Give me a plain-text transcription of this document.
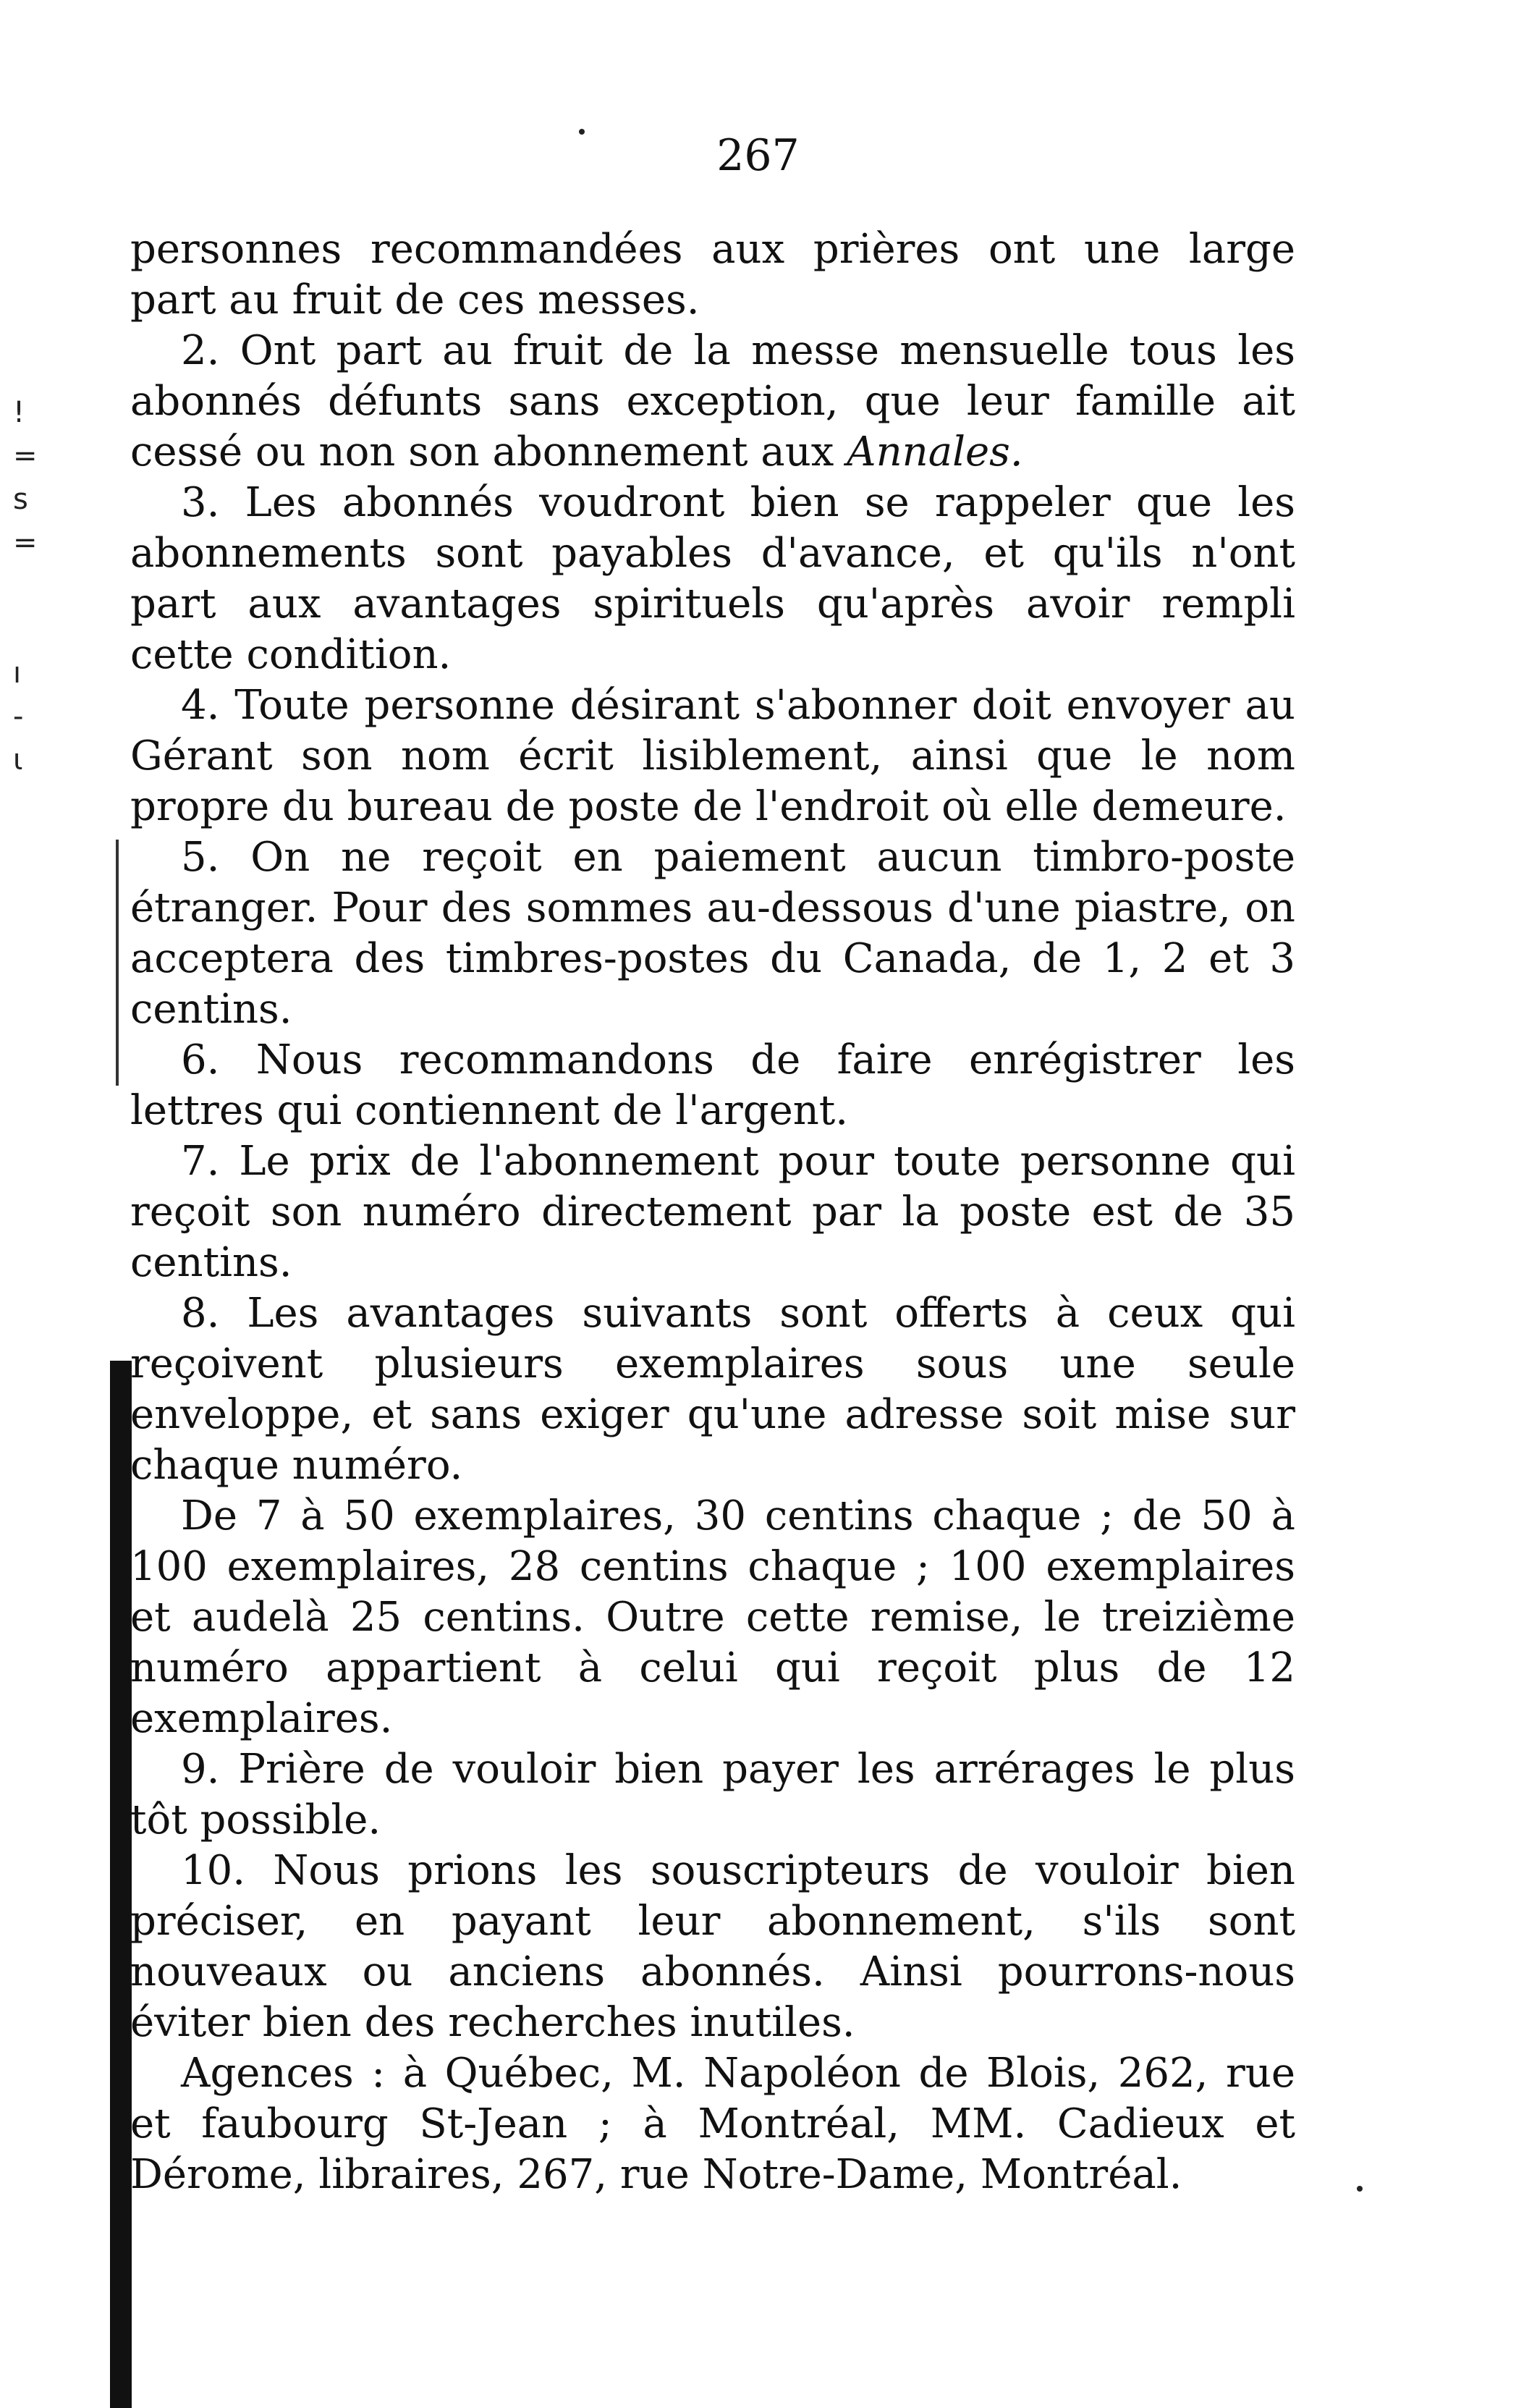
267
!
=
s
=

ı
-
ι

personnes recommandées aux prières ont une large part au fruit de ces messes.

2. Ont part au fruit de la messe mensuelle tous les abonnés défunts sans exception, que leur famille ait cessé ou non son abonnement aux Annales.

3. Les abonnés voudront bien se rappeler que les abonnements sont payables d'avance, et qu'ils n'ont part aux avantages spirituels qu'après avoir rempli cette condition.

4. Toute personne désirant s'abonner doit envoyer au Gérant son nom écrit lisiblement, ainsi que le nom propre du bureau de poste de l'endroit où elle demeure.

5. On ne reçoit en paiement aucun timbro-poste étranger. Pour des sommes au-dessous d'une piastre, on acceptera des timbres-postes du Canada, de 1, 2 et 3 centins.

6. Nous recommandons de faire enrégistrer les lettres qui contiennent de l'argent.

7. Le prix de l'abonnement pour toute personne qui reçoit son numéro directement par la poste est de 35 centins.

8. Les avantages suivants sont offerts à ceux qui reçoivent plusieurs exemplaires sous une seule enveloppe, et sans exiger qu'une adresse soit mise sur chaque numéro.

De 7 à 50 exemplaires, 30 centins chaque ; de 50 à 100 exemplaires, 28 centins chaque ; 100 exemplaires et audelà 25 centins. Outre cette remise, le treizième numéro appartient à celui qui reçoit plus de 12 exemplaires.

9. Prière de vouloir bien payer les arrérages le plus tôt possible.

10. Nous prions les souscripteurs de vouloir bien préciser, en payant leur abonnement, s'ils sont nouveaux ou anciens abonnés. Ainsi pourrons-nous éviter bien des recherches inutiles.

Agences : à Québec, M. Napoléon de Blois, 262, rue et faubourg St-Jean ; à Montréal, MM. Cadieux et Dérome, libraires, 267, rue Notre-Dame, Montréal.
